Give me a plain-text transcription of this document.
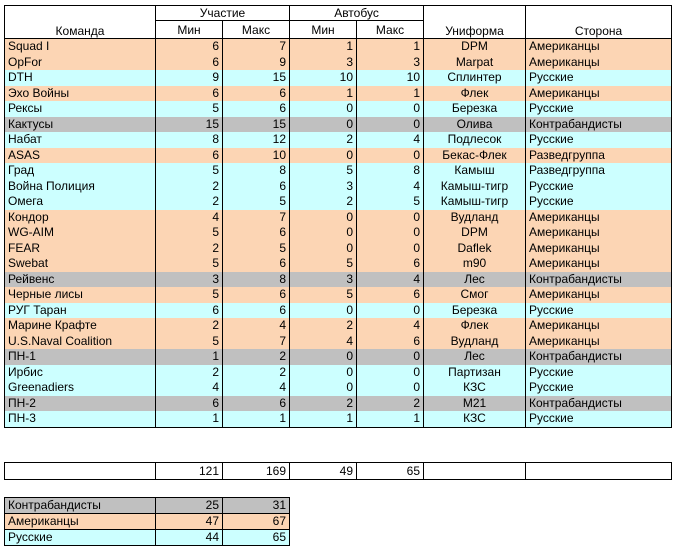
Команда	Участие		Автобус		Униформа	Сторона
	Мин	Макс	Мин	Макс		
Squad I	6	7	1	1	DPM	Американцы
OpFor	6	9	3	3	Marpat	Американцы
DTH	9	15	10	10	Сплинтер	Русские
Эхо Войны	6	6	1	1	Флек	Американцы
Рексы	5	6	0	0	Березка	Русские
Кактусы	15	15	0	0	Олива	Контрабандисты
Набат	8	12	2	4	Подлесок	Русские
ASAS	6	10	0	0	Бекас-Флек	Разведгруппа
Град	5	8	5	8	Камыш	Разведгруппа
Война Полиция	2	6	3	4	Камыш-тигр	Русские
Омега	2	5	2	5	Камыш-тигр	Русские
Кондор	4	7	0	0	Вудланд	Американцы
WG-AIM	5	6	0	0	DPM	Американцы
FEAR	2	5	0	0	Daflek	Американцы
Swebat	5	6	5	6	m90	Американцы
Рейвенс	3	8	3	4	Лес	Контрабандисты
Черные лисы	5	6	5	6	Смог	Американцы
РУГ Таран	6	6	0	0	Березка	Русские
Марине Крафте	2	4	2	4	Флек	Американцы
U.S.Naval Coalition	5	7	4	6	Вудланд	Американцы
ПН-1	1	2	0	0	Лес	Контрабандисты
Ирбис	2	2	0	0	Партизан	Русские
Greenadiers	4	4	0	0	КЗС	Русские
ПН-2	6	6	2	2	M21	Контрабандисты
ПН-3	1	1	1	1	КЗС	Русские
	121	169	49	65		
Контрабандисты	25	31
Американцы	47	67
Русские	44	65
